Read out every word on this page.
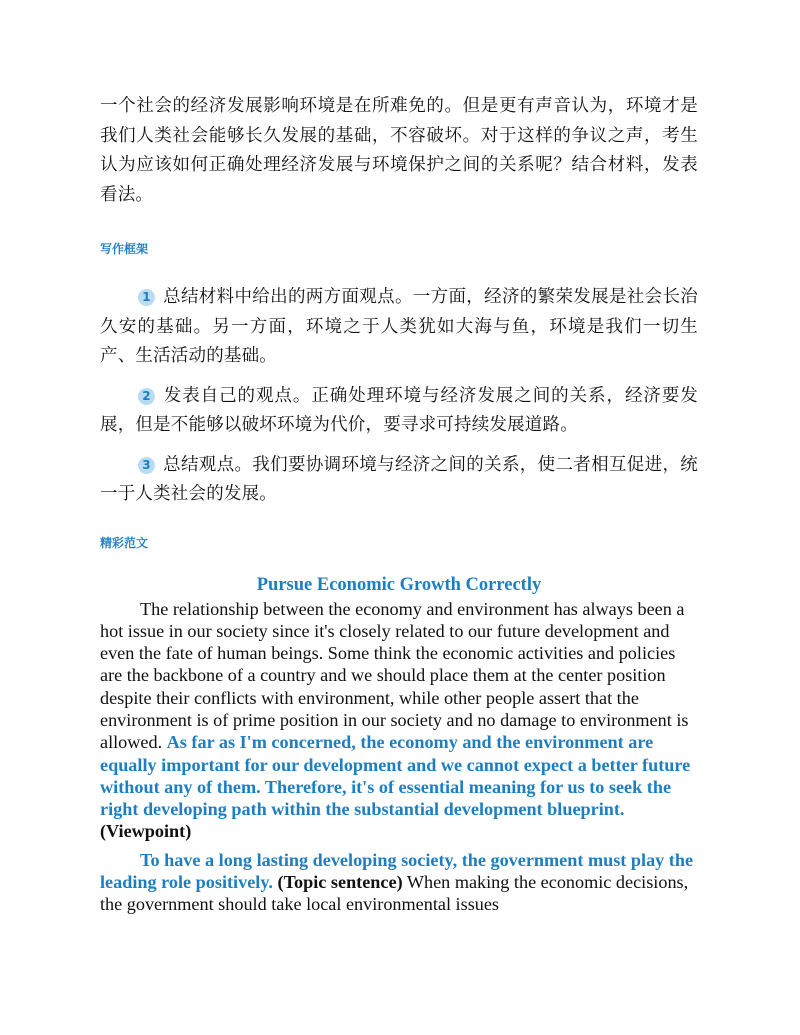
一个社会的经济发展影响环境是在所难免的。但是更有声音认为，环境才是我们人类社会能够长久发展的基础，不容破坏。对于这样的争议之声，考生认为应该如何正确处理经济发展与环境保护之间的关系呢？结合材料，发表看法。

写作框架

1 总结材料中给出的两方面观点。一方面，经济的繁荣发展是社会长治久安的基础。另一方面，环境之于人类犹如大海与鱼，环境是我们一切生产、生活活动的基础。

2 发表自己的观点。正确处理环境与经济发展之间的关系，经济要发展，但是不能够以破坏环境为代价，要寻求可持续发展道路。

3 总结观点。我们要协调环境与经济之间的关系，使二者相互促进，统一于人类社会的发展。

精彩范文

Pursue Economic Growth Correctly

The relationship between the economy and environment has always been a hot issue in our society since it's closely related to our future development and even the fate of human beings. Some think the economic activities and policies are the backbone of a country and we should place them at the center position despite their conflicts with environment, while other people assert that the environment is of prime position in our society and no damage to environment is allowed. As far as I'm concerned, the economy and the environment are equally important for our development and we cannot expect a better future without any of them. Therefore, it's of essential meaning for us to seek the right developing path within the substantial development blueprint. (Viewpoint)

To have a long lasting developing society, the government must play the leading role positively. (Topic sentence) When making the economic decisions, the government should take local environmental issues
